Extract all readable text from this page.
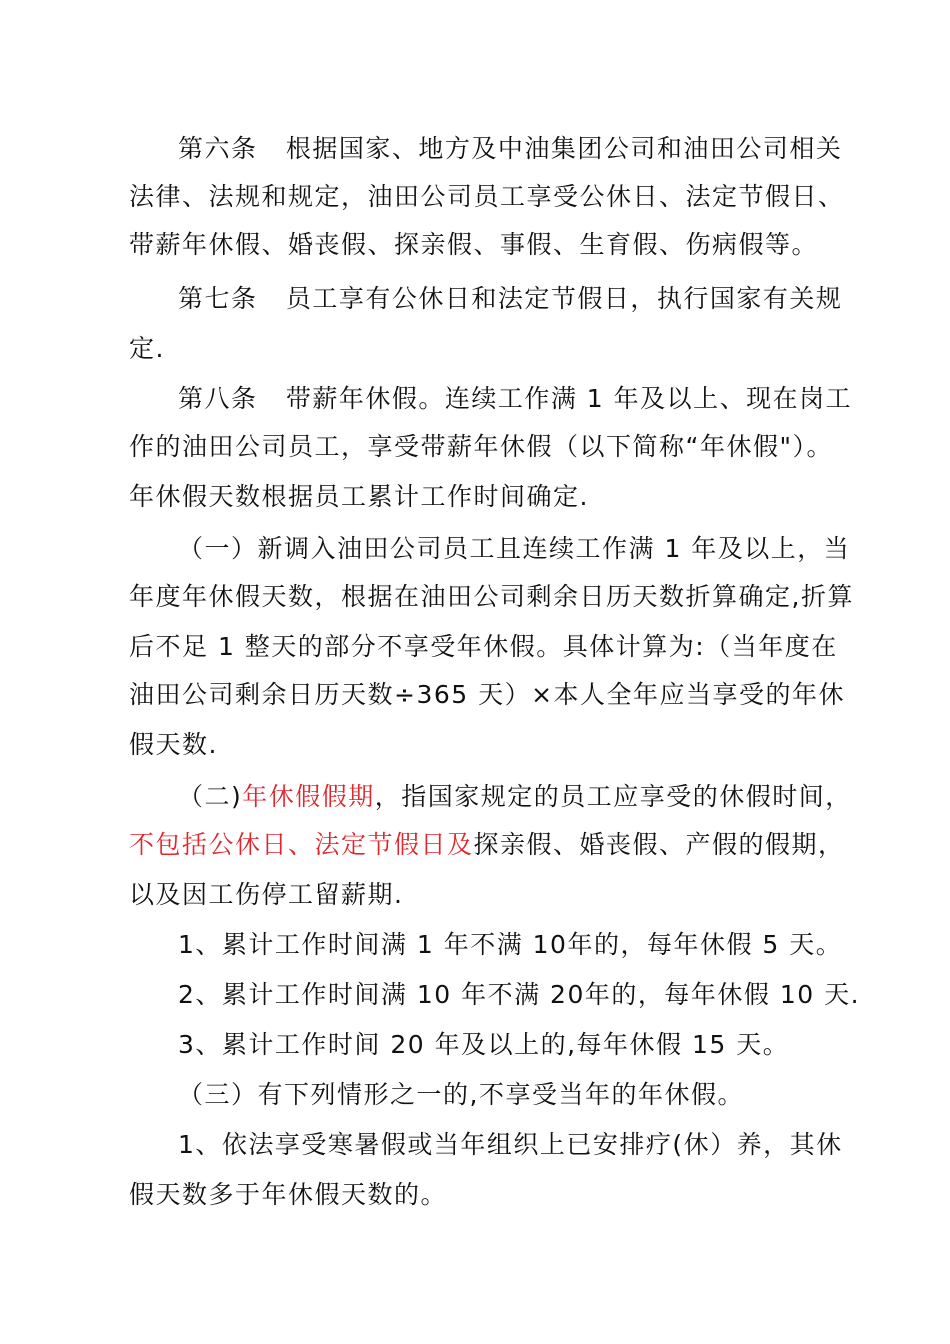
第六条   根据国家、地方及中油集团公司和油田公司相关
法律、法规和规定，油田公司员工享受公休日、法定节假日、
带薪年休假、婚丧假、探亲假、事假、生育假、伤病假等。
第七条   员工享有公休日和法定节假日，执行国家有关规
定.
第八条   带薪年休假。连续工作满 1 年及以上、现在岗工
作的油田公司员工，享受带薪年休假（以下简称“年休假"）。
年休假天数根据员工累计工作时间确定.
（一）新调入油田公司员工且连续工作满 1 年及以上，当
年度年休假天数，根据在油田公司剩余日历天数折算确定,折算
后不足 1 整天的部分不享受年休假。具体计算为:（当年度在
油田公司剩余日历天数÷365 天）×本人全年应当享受的年休
假天数.
（二)年休假假期，指国家规定的员工应享受的休假时间，
不包括公休日、法定节假日及探亲假、婚丧假、产假的假期，
以及因工伤停工留薪期.
1、累计工作时间满 1 年不满 10年的，每年休假 5 天。
2、累计工作时间满 10 年不满 20年的，每年休假 10 天.
3、累计工作时间 20 年及以上的,每年休假 15 天。
（三）有下列情形之一的,不享受当年的年休假。
1、依法享受寒暑假或当年组织上已安排疗(休）养，其休
假天数多于年休假天数的。
